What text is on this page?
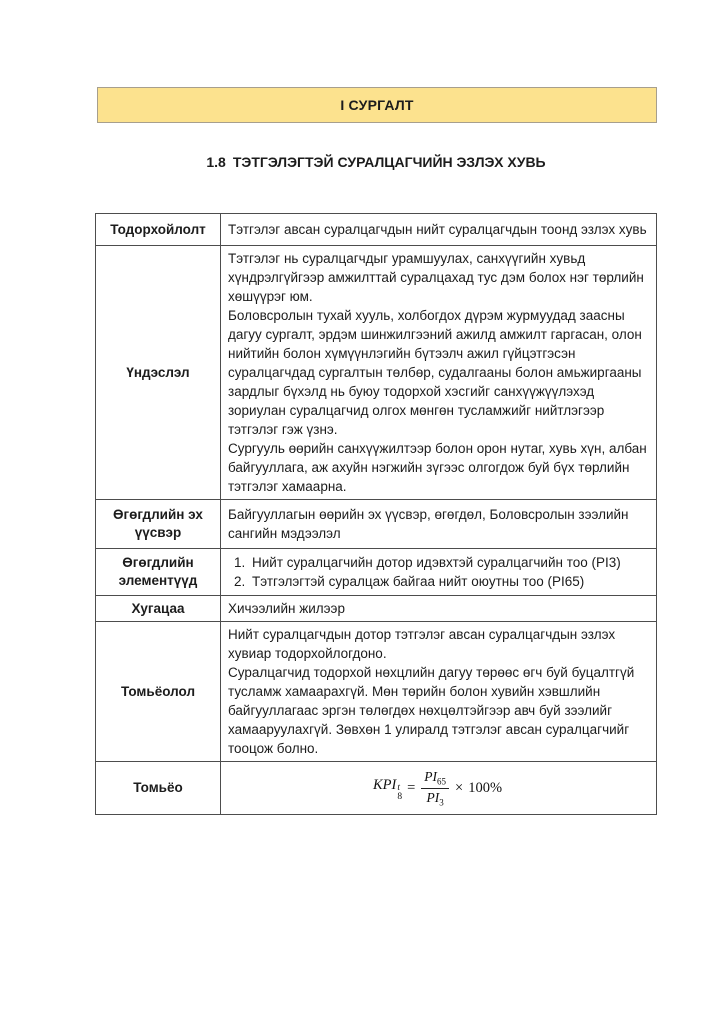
I СУРГАЛТ
1.8 ТЭТГЭЛЭГТЭЙ СУРАЛЦАГЧИЙН ЭЗЛЭХ ХУВЬ
Тодорхойлолт	Тэтгэлэг авсан суралцагчдын нийт суралцагчдын тоонд эзлэх хувь
Үндэслэл	Тэтгэлэг нь суралцагчдыг урамшуулах, санхүүгийн хувьд хүндрэлгүйгээр амжилттай суралцахад тус дэм болох нэг төрлийн хөшүүрэг юм.

Боловсролын тухай хууль, холбогдох дүрэм журмуудад заасны дагуу сургалт, эрдэм шинжилгээний ажилд амжилт гаргасан, олон нийтийн болон хүмүүнлэгийн бүтээлч ажил гүйцэтгэсэн суралцагчдад сургалтын төлбөр, судалгааны болон амьжиргааны зардлыг бүхэлд нь буюу тодорхой хэсгийг санхүүжүүлэхэд зориулан суралцагчид олгох мөнгөн тусламжийг нийтлэгээр тэтгэлэг гэж үзнэ.

Сургууль өөрийн санхүүжилтээр болон орон нутаг, хувь хүн, албан байгууллага, аж ахуйн нэгжийн зүгээс олгогдож буй бүх төрлийн тэтгэлэг хамаарна.

Өгөгдлийн эх үүсвэр	Байгууллагын өөрийн эх үүсвэр, өгөгдөл, Боловсролын зээлийн сангийн мэдээлэл
Өгөгдлийн элементүүд	1. Нийт суралцагчийн дотор идэвхтэй суралцагчийн тоо (PI3)
2. Тэтгэлэгтэй суралцаж байгаа нийт оюутны тоо (PI65)

Хугацаа	Хичээлийн жилээр
Томьёолол	Нийт суралцагчдын дотор тэтгэлэг авсан суралцагчдын эзлэх хувиар тодорхойлогдоно.

Суралцагчид тодорхой нөхцлийн дагуу төрөөс өгч буй буцалтгүй тусламж хамаарахгүй. Мөн төрийн болон хувийн хэвшлийн байгууллагаас эргэн төлөгдөх нөхцөлтэйгээр авч буй зээлийг хамааруулахгүй. Зөвхөн 1 улиралд тэтгэлэг авсан суралцагчийг тооцож болно.

Томьёо	KPI t
8
= $\frac{PI_{65}}{PI_3} \times 100\%$
